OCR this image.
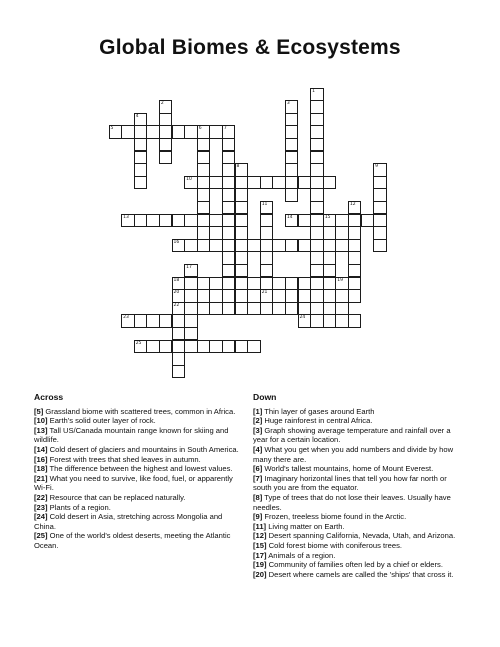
Global Biomes & Ecosystems
1
2	3
4
6	7
8	9
11
21
12
15
17
19
20
22
5
10
13	14
16
18
23	24
25
Across
[5] Grassland biome with scattered trees, common in Africa.
[10] Earth's solid outer layer of rock.
[13] Tall US/Canada mountain range known for skiing and wildlife.
[14] Cold desert of glaciers and mountains in South America.
[16] Forest with trees that shed leaves in autumn.
[18] The difference between the highest and lowest values.
[21] What you need to survive, like food, fuel, or apparently Wi-Fi.
[22] Resource that can be replaced naturally.
[23] Plants of a region.
[24] Cold desert in Asia, stretching across Mongolia and China.
[25] One of the world's oldest deserts, meeting the Atlantic Ocean.
Down
[1] Thin layer of gases around Earth
[2] Huge rainforest in central Africa.
[3] Graph showing average temperature and rainfall over a year for a certain location.
[4] What you get when you add numbers and divide by how many there are.
[6] World's tallest mountains, home of Mount Everest.
[7] Imaginary horizontal lines that tell you how far north or south you are from the equator.
[8] Type of trees that do not lose their leaves. Usually have needles.
[9] Frozen, treeless biome found in the Arctic.
[11] Living matter on Earth.
[12] Desert spanning California, Nevada, Utah, and Arizona.
[15] Cold forest biome with coniferous trees.
[17] Animals of a region.
[19] Community of families often led by a chief or elders.
[20] Desert where camels are called the 'ships' that cross it.
